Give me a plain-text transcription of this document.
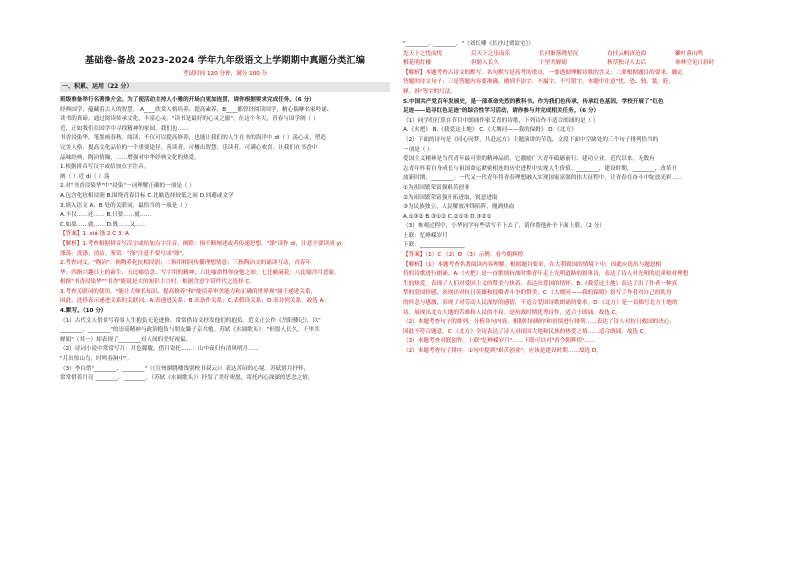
基础卷-备战 2023-2024 学年九年级语文上学期期中真题分类汇编
考试时间 120 分钟，满分 100 分
一、积累、运用（22 分）
班级准备举行名著推介会。为了使活动主持人小雅的开场白更加连贯，请你根据要求完成任务。（6 分）
经典国学，蕴藏着古人的智慧。 A____欣赏人格培养、提高素养，B____都曾经阅读国学，精心揣摩名家吟诵、
读书的真谛，通过阅读传承文化，丰富心灵。"读书是最好的心灵之旅"，在这个冬天，青春与国学阐（ ）
近，正如我们在国学中寻找精神的家园，我们也……
书香浸染华，笔墨画春秋。阅读，不仅可以提高修养，也能让我们的人生在书的海洋中 dí（ ）荡心灵，塑造
完美人格、提高文化品位的一个重要途径。善读者，可概出智慧；乐读者，可满心欢喜。让我们在书香中
品味经典，陶冶情操，……增强对中华经典文化的热爱。
1.根据拼音写汉字或给加点字注音。
阐（ ）近 dí（ ）荡
2.对"书香浸染华"中"浸染"一词理解正确的一项是（ ）
A.包含化抗相浸润 B.围绕青春目标 C.比喻选择较低之间 D.回避或文学
3.填入语文 A、B 处的关联词，最恰当的一项是（ ）
A.不仅……还…… B.只要……就……
C.如果……就…… D.既……又……
【答案】1. xiá 涤 2.C 3. A
【解析】1.考查根据拼音写汉字或给加点字注音。阐除：指不断阐述或者传递思想。"涤"读作 dí，注意不要读成 yì。
涤荡：洗涤、清洁。鉴赏："涤"注意不要写成"绦"。
2.考查词义。"陶冶"：指陶养化抗相浸润；二指用相同传播理想情意；三指陶冶文的诵读互动，青春年
华；四指兴趣日上的新生；五比喻信念、写字用的精神；六比喻命得你奋勉之间；七比喻滴花；八比喻冷月意象。
根据"书香浸染华""书香"能说是大的知识主言时，根据含意字带件代之选择 C。
3.考查关联词的使用。"能让大师长知识、提高修养"和"能培养审美能力和正确的世界观"属于递进关系，
因此，选择表示递进关系的关联词。A.表递进关系；B.表条件关系；C.表假设关系；D.表并列关系。故选 A。
4.默写。（10 分）
（1）古代文人借景写春景人生抱负无论进修，常常借诗文抒发他们的抱负。范文正公作《岳阳楼记》，以"
________，________"的崇高精神与政治抱负与朋友滕子京共勉。苏轼《水调歌头》："但愿人长久，千里共
婵娟"（其一）却表现了________对人间的美好祝福。
（2）诗词小说中常常写月：月色朦胧，借月寄托……：山中夜归有清风明月……
"月出惊山鸟，时鸣春涧中"。
（3）李白借"________，________"（《宣州谢朓楼饯别校书叔云》）表达苦闷的心境。苏轼借月抒怀，
常常借着月亮 ________，________。（苏轼《水调歌头》）抒发了美好祝愿，寄托内心深深的思念之情。
"________，________。"（刘长卿《长沙过贾谊宅》）
先天下之忧而忧	后天下之乐而乐	长河渐落晓星沉	直挂云帆济沧海	獭叶落山鸣
棋花明灯楼	但愿人长久	千里共婵娟	秋草独寻人去后	寒林空见日斜时
【解析】本题考查古诗文的默写。名句默写是高考的重点，一要透彻理解诗歌的含义；二要根据题目的要求，确定
答题的诗文句子；三是答题内容要准确，做到不添字、不漏字、不写错字。本题中注意"忧、恐、独、簧、贬、
婵、斜"等字的写法。
5.中国共产党百年发展史，是一部革命先烈的教科书。作为我们色传承，传承红色基因，学校开展了"红色
足迹——追寻红色足迹"的综合性学习活动，请你参与并完成相关任务。（6 分）
（1）同学们打算在节目中朗诵作家艾青的诗歌，下列诗作不适合朗诵的是（ ）
A.《火把》 B.《我爱这土地》 C.《大堰河——我的保姆》 D.《北方》
（2）下面的诗句是《同心同梦，共赴远方》主题演讲的节选，文段下面中空缺处的三个句子排列恰当的
一项是（ ）
爱国主义精神是当代青年最可贵的精神品质，它激励广大青年砥砺前行、建功立业。近代以来，无数有
志青年怀着自身成长与祖国命运紧密相连的历史进程中实现人生价值。________，建设时期，________，改革开
放新时期，________。一代又一代青年将青春理想融入实现国家富强的伟大征程中，让青春在奋斗中绽放光彩……
①为祖国繁荣富强艰苦创业
②为祖国繁荣富强开拓进取，锐意进取
③为民族独立、人民解放冲锋陷阵，抛洒热血
A.①③② B.③①② C.②①③ D.③②①
（3）参观过程中，小华同学有些话写不下去了，请你帮他补全下面上联。（2 分）
上联：忆峥嵘岁月
下联：________________
【答案】（1）C （2）D （3）示例：看今朝辉煌
【解析】（1）本题考查名著阅读内容理解。根据题目要求，在大利致国的情境下中，因此应选出与题意相
符的诗歌进行朗诵。A.《火把》是一首歌颂抗战时期青年走上光明道路的叙事诗，表达了诗人对光明的追求和对理想
生的热爱。表现了人们对爱国主义的赞美与执着，表达出爱国的情怀。B.《我爱这土地》表达了出了作者一种真
挚的爱国情感，表现出对抗日英雄和侵略者斗争的赞美。C.《大堰河——我的保姆》叙写了作者对自己的乳母
的怀念与感激，表现了对劳动人民深厚的感情，不适合爱国诗歌朗诵的要求。D.《北方》是一首描写北方土地的
诗，展现出北方大地的苦难和人民的不屈。是抗战时期优秀诗作，适合于朗诵。故选 C。
（2）本题考查句子的排列。分析各句内容，根据时间顺序和语境进行排列……表达了诗人对抗日救国的决心，
因此不符合题意。C.《北方》全诗表达了诗人对祖国大地和民族的热爱之情……适合朗诵。故选 C。
（3）本题考查对联创作。上联"忆峥嵘岁月"……下联可以对"看今朝辉煌"……
（2）本题考查句子排序。①句中提到"艰苦创业"，应该是建设时期……故选 D。
